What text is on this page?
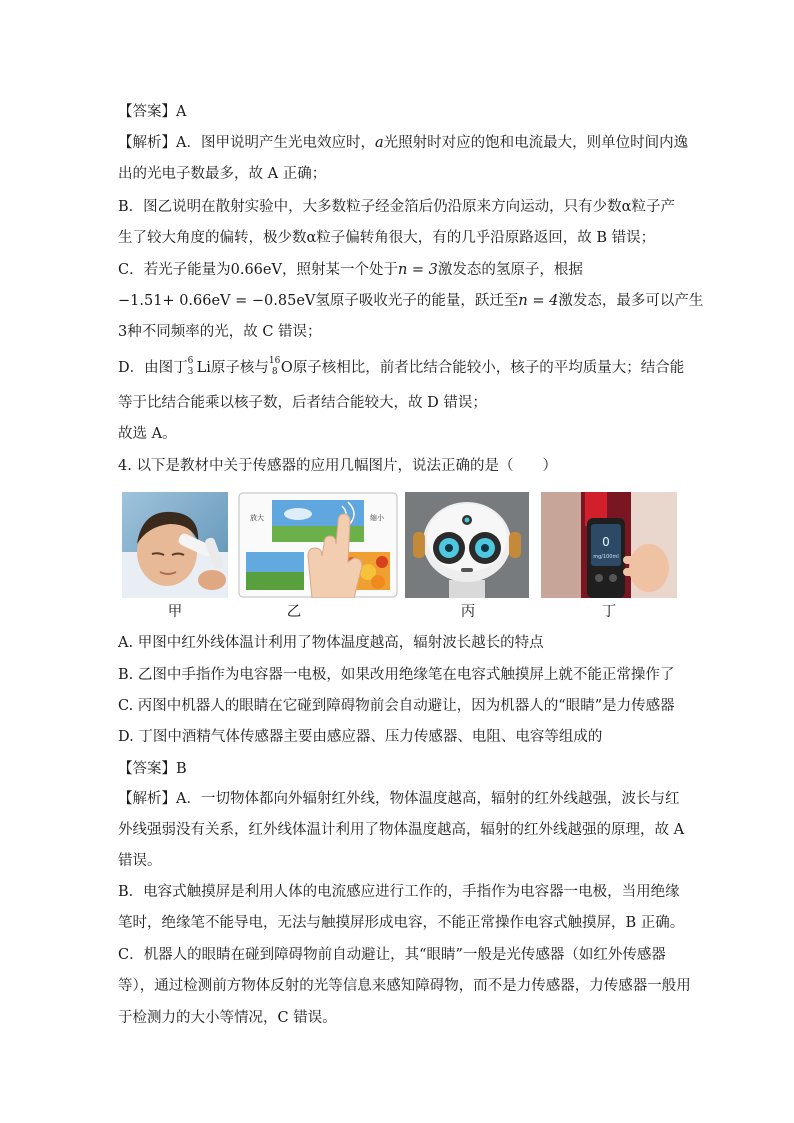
【答案】A
【解析】A．图甲说明产生光电效应时，a光照射时对应的饱和电流最大，则单位时间内逸
出的光电子数最多，故 A 正确；
B．图乙说明在散射实验中，大多数粒子经金箔后仍沿原来方向运动，只有少数α粒子产
生了较大角度的偏转，极少数α粒子偏转角很大，有的几乎沿原路返回，故 B 错误；
C．若光子能量为0.66eV，照射某一个处于n = 3激发态的氢原子，根据
−1.51+ 0.66eV = −0.85eV氢原子吸收光子的能量，跃迁至n = 4激发态，最多可以产生
3种不同频率的光，故 C 错误；
D．由图丁 6
3 Li原子核与 16
8 O原子核相比，前者比结合能较小，核子的平均质量大；结合能
等于比结合能乘以核子数，后者结合能较大，故 D 错误；
故选 A。
4. 以下是教材中关于传感器的应用几幅图片，说法正确的是（　　）
甲
放大	缩小
乙	丙
0
mg/100ml
丁
A. 甲图中红外线体温计利用了物体温度越高，辐射波长越长的特点
B. 乙图中手指作为电容器一电极，如果改用绝缘笔在电容式触摸屏上就不能正常操作了
C. 丙图中机器人的眼睛在它碰到障碍物前会自动避让，因为机器人的“眼睛”是力传感器
D. 丁图中酒精气体传感器主要由感应器、压力传感器、电阻、电容等组成的
【答案】B
【解析】A．一切物体都向外辐射红外线，物体温度越高，辐射的红外线越强，波长与红
外线强弱没有关系，红外线体温计利用了物体温度越高，辐射的红外线越强的原理，故 A
错误。
B．电容式触摸屏是利用人体的电流感应进行工作的，手指作为电容器一电极，当用绝缘
笔时，绝缘笔不能导电，无法与触摸屏形成电容，不能正常操作电容式触摸屏，B 正确。
C．机器人的眼睛在碰到障碍物前自动避让，其“眼睛”一般是光传感器（如红外传感器
等），通过检测前方物体反射的光等信息来感知障碍物，而不是力传感器，力传感器一般用
于检测力的大小等情况，C 错误。
